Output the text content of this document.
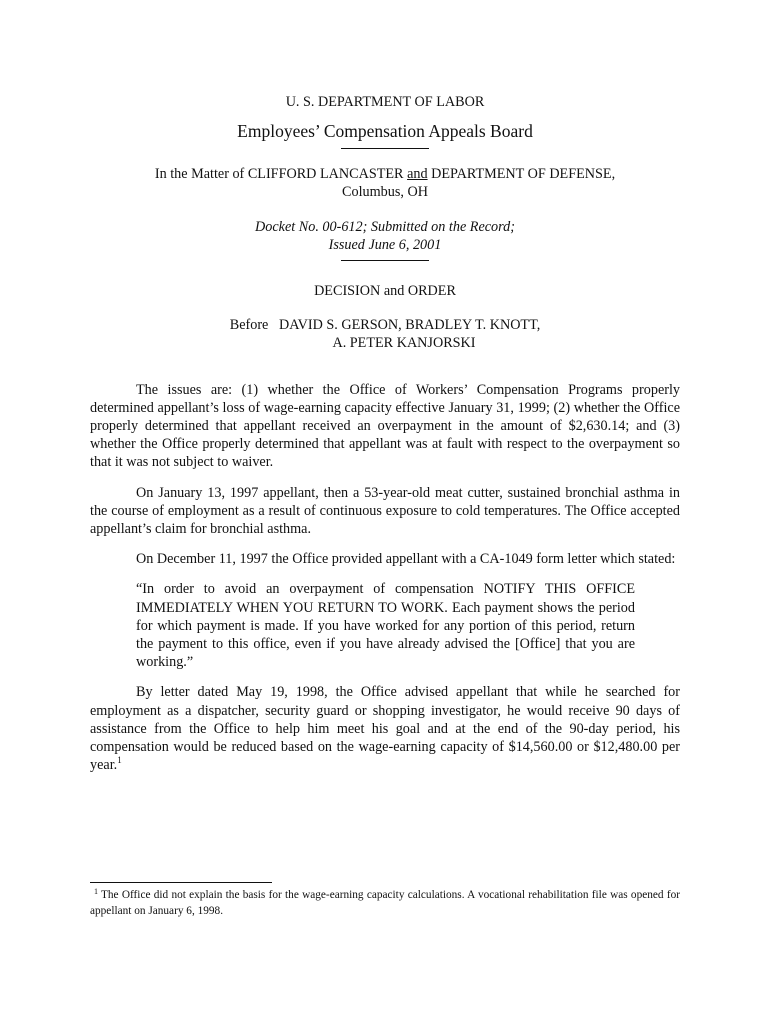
U. S. DEPARTMENT OF LABOR
Employees’ Compensation Appeals Board
In the Matter of CLIFFORD LANCASTER and DEPARTMENT OF DEFENSE,
Columbus, OH
Docket No. 00-612; Submitted on the Record;
Issued June 6, 2001
DECISION and ORDER
Before   DAVID S. GERSON, BRADLEY T. KNOTT,
A. PETER KANJORSKI

The issues are: (1) whether the Office of Workers’ Compensation Programs properly determined appellant’s loss of wage-earning capacity effective January 31, 1999; (2) whether the Office properly determined that appellant received an overpayment in the amount of $2,630.14; and (3) whether the Office properly determined that appellant was at fault with respect to the overpayment so that it was not subject to waiver.

On January 13, 1997 appellant, then a 53-year-old meat cutter, sustained bronchial asthma in the course of employment as a result of continuous exposure to cold temperatures. The Office accepted appellant’s claim for bronchial asthma.

On December 11, 1997 the Office provided appellant with a CA-1049 form letter which stated:

“In order to avoid an overpayment of compensation NOTIFY THIS OFFICE IMMEDIATELY WHEN YOU RETURN TO WORK. Each payment shows the period for which payment is made. If you have worked for any portion of this period, return the payment to this office, even if you have already advised the [Office] that you are working.”

By letter dated May 19, 1998, the Office advised appellant that while he searched for employment as a dispatcher, security guard or shopping investigator, he would receive 90 days of assistance from the Office to help him meet his goal and at the end of the 90-day period, his compensation would be reduced based on the wage-earning capacity of $14,560.00 or $12,480.00 per year.$^1$

$^1$ The Office did not explain the basis for the wage-earning capacity calculations. A vocational rehabilitation file was opened for appellant on January 6, 1998.
